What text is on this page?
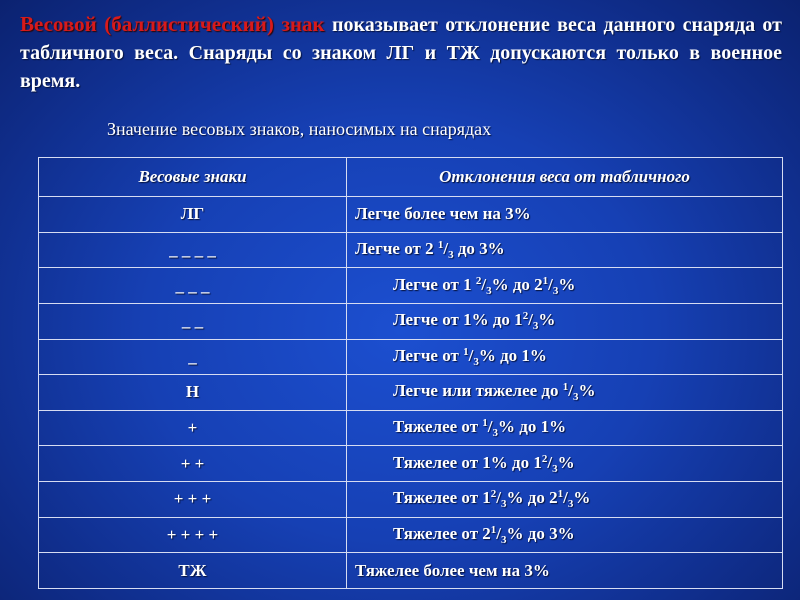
Весовой (баллистический) знак показывает отклонение веса данного снаряда от табличного веса. Снаряды со знаком ЛГ и ТЖ допускаются только в военное время.
Значение весовых знаков, наносимых на снарядах
Весовые знаки	Отклонения веса от табличного
ЛГ	Легче более чем на 3%
_ _ _ _	Легче от 2 $^1/_3$ до 3%
_ _ _	Легче от 1 $^2/_3\%$ до $2^1/_3\%$
_ _	Легче от 1% до $1^2/_3\%$
_	Легче от $^1/_3\%$ до 1%
Н	Легче или тяжелее до $^1/_3\%$
+	Тяжелее от $^1/_3\%$ до 1%
+ +	Тяжелее от 1% до $1^2/_3\%$
+ + +	Тяжелее от $1^2/_3\%$ до $2^1/_3\%$
+ + + +	Тяжелее от $2^1/_3\%$ до 3%
ТЖ	Тяжелее более чем на 3%
